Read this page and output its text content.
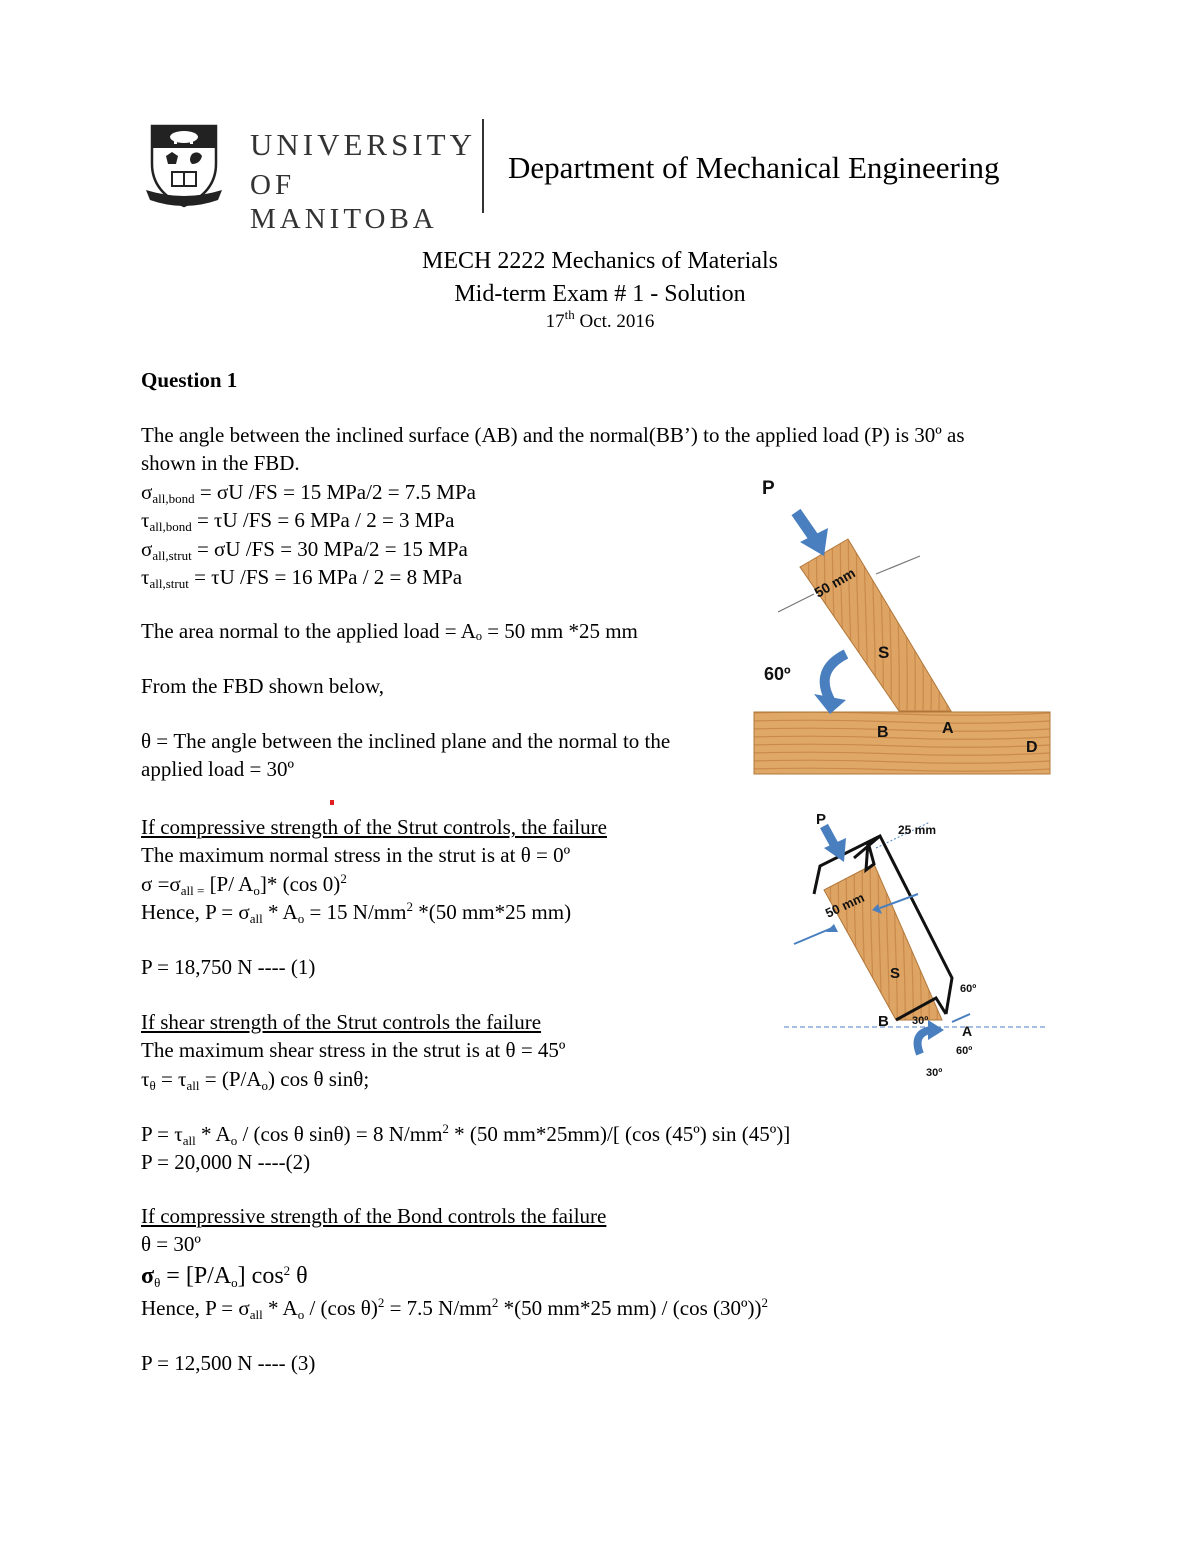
UNIVERSITY
OF MANITOBA
Department of Mechanical Engineering
MECH 2222 Mechanics of Materials
Mid-term Exam # 1 - Solution
17th Oct. 2016
Question 1
The angle between the inclined surface (AB) and the normal(BB’) to the applied load (P) is 30º as
shown in the FBD.
$\sigma_{all,bond} = \sigma U$ /FS = 15 MPa/2 = 7.5 MPa
$\tau_{all,bond} = \tau U$ /FS = 6 MPa / 2 = 3 MPa
$\sigma_{all,strut} = \sigma U$ /FS = 30 MPa/2 = 15 MPa
$\tau_{all,strut} = \tau U$ /FS = 16 MPa / 2 = 8 MPa
The area normal to the applied load = Aₒ = 50 mm *25 mm
From the FBD shown below,
θ = The angle between the inclined plane and the normal to the
applied load = 30º
If compressive strength of the Strut controls, the failure
The maximum normal stress in the strut is at θ = 0º
$\sigma =\sigma_{all =}$ [P/ $A_o]*$ (cos 0)$^2$
Hence, $P = \sigma_{all} * A_o = 15$ $N/mm^2$ *(50 mm*25 mm)
P = 18,750 N ---- (1)
If shear strength of the Strut controls the failure
The maximum shear stress in the strut is at θ = 45º
$\tau_\theta = \tau_{all} = (P/A_o)$ cos θ sinθ;
$P = \tau_{all} * A_o / (\cos$ θ sinθ) = 8 $N/mm^2 * (50$ mm*25mm)/[ (cos (45º) sin (45º)]
P = 20,000 N ----(2)
If compressive strength of the Bond controls the failure
θ = 30º
$\sigma_\theta = [P/A_o]$ $\cos^2 \theta$
Hence, $P = \sigma_{all} * A_o / (\cos$ θ)$^2$ = 7.5 $N/mm^2$ *(50 mm*25 mm) / (cos (30º))$^2$
P = 12,500 N ---- (3)
P
50 mm
S
60º
B	A
D
P
25 mm
50 mm
S
60º
B 30º
A
60º
30º
